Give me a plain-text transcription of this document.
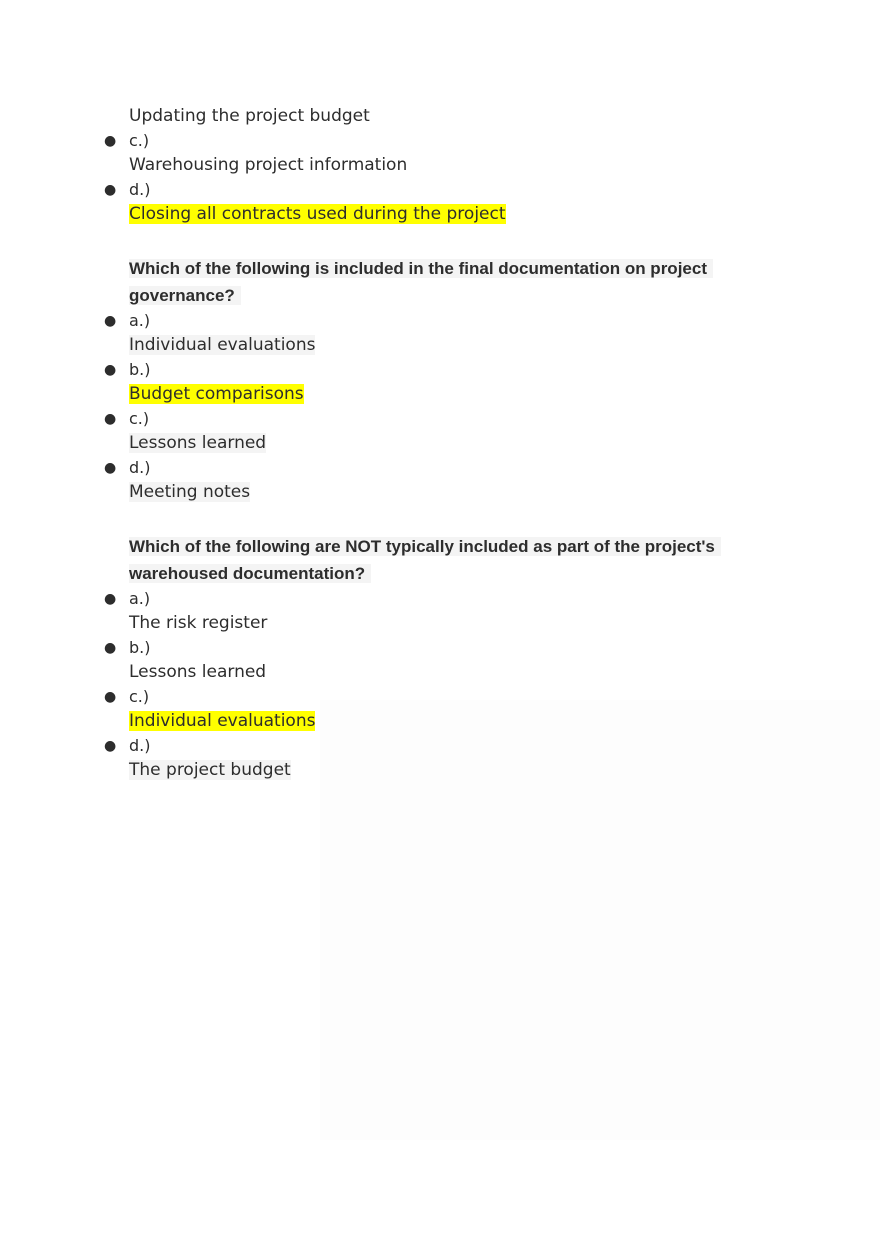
Updating the project budget
● c.)
Warehousing project information
● d.)
Closing all contracts used during the project
Which of the following is included in the final documentation on project governance?
● a.)
Individual evaluations
● b.)
Budget comparisons
● c.)
Lessons learned
● d.)
Meeting notes
Which of the following are NOT typically included as part of the project's warehoused documentation?
● a.)
The risk register
● b.)
Lessons learned
● c.)
Individual evaluations
● d.)
The project budget
